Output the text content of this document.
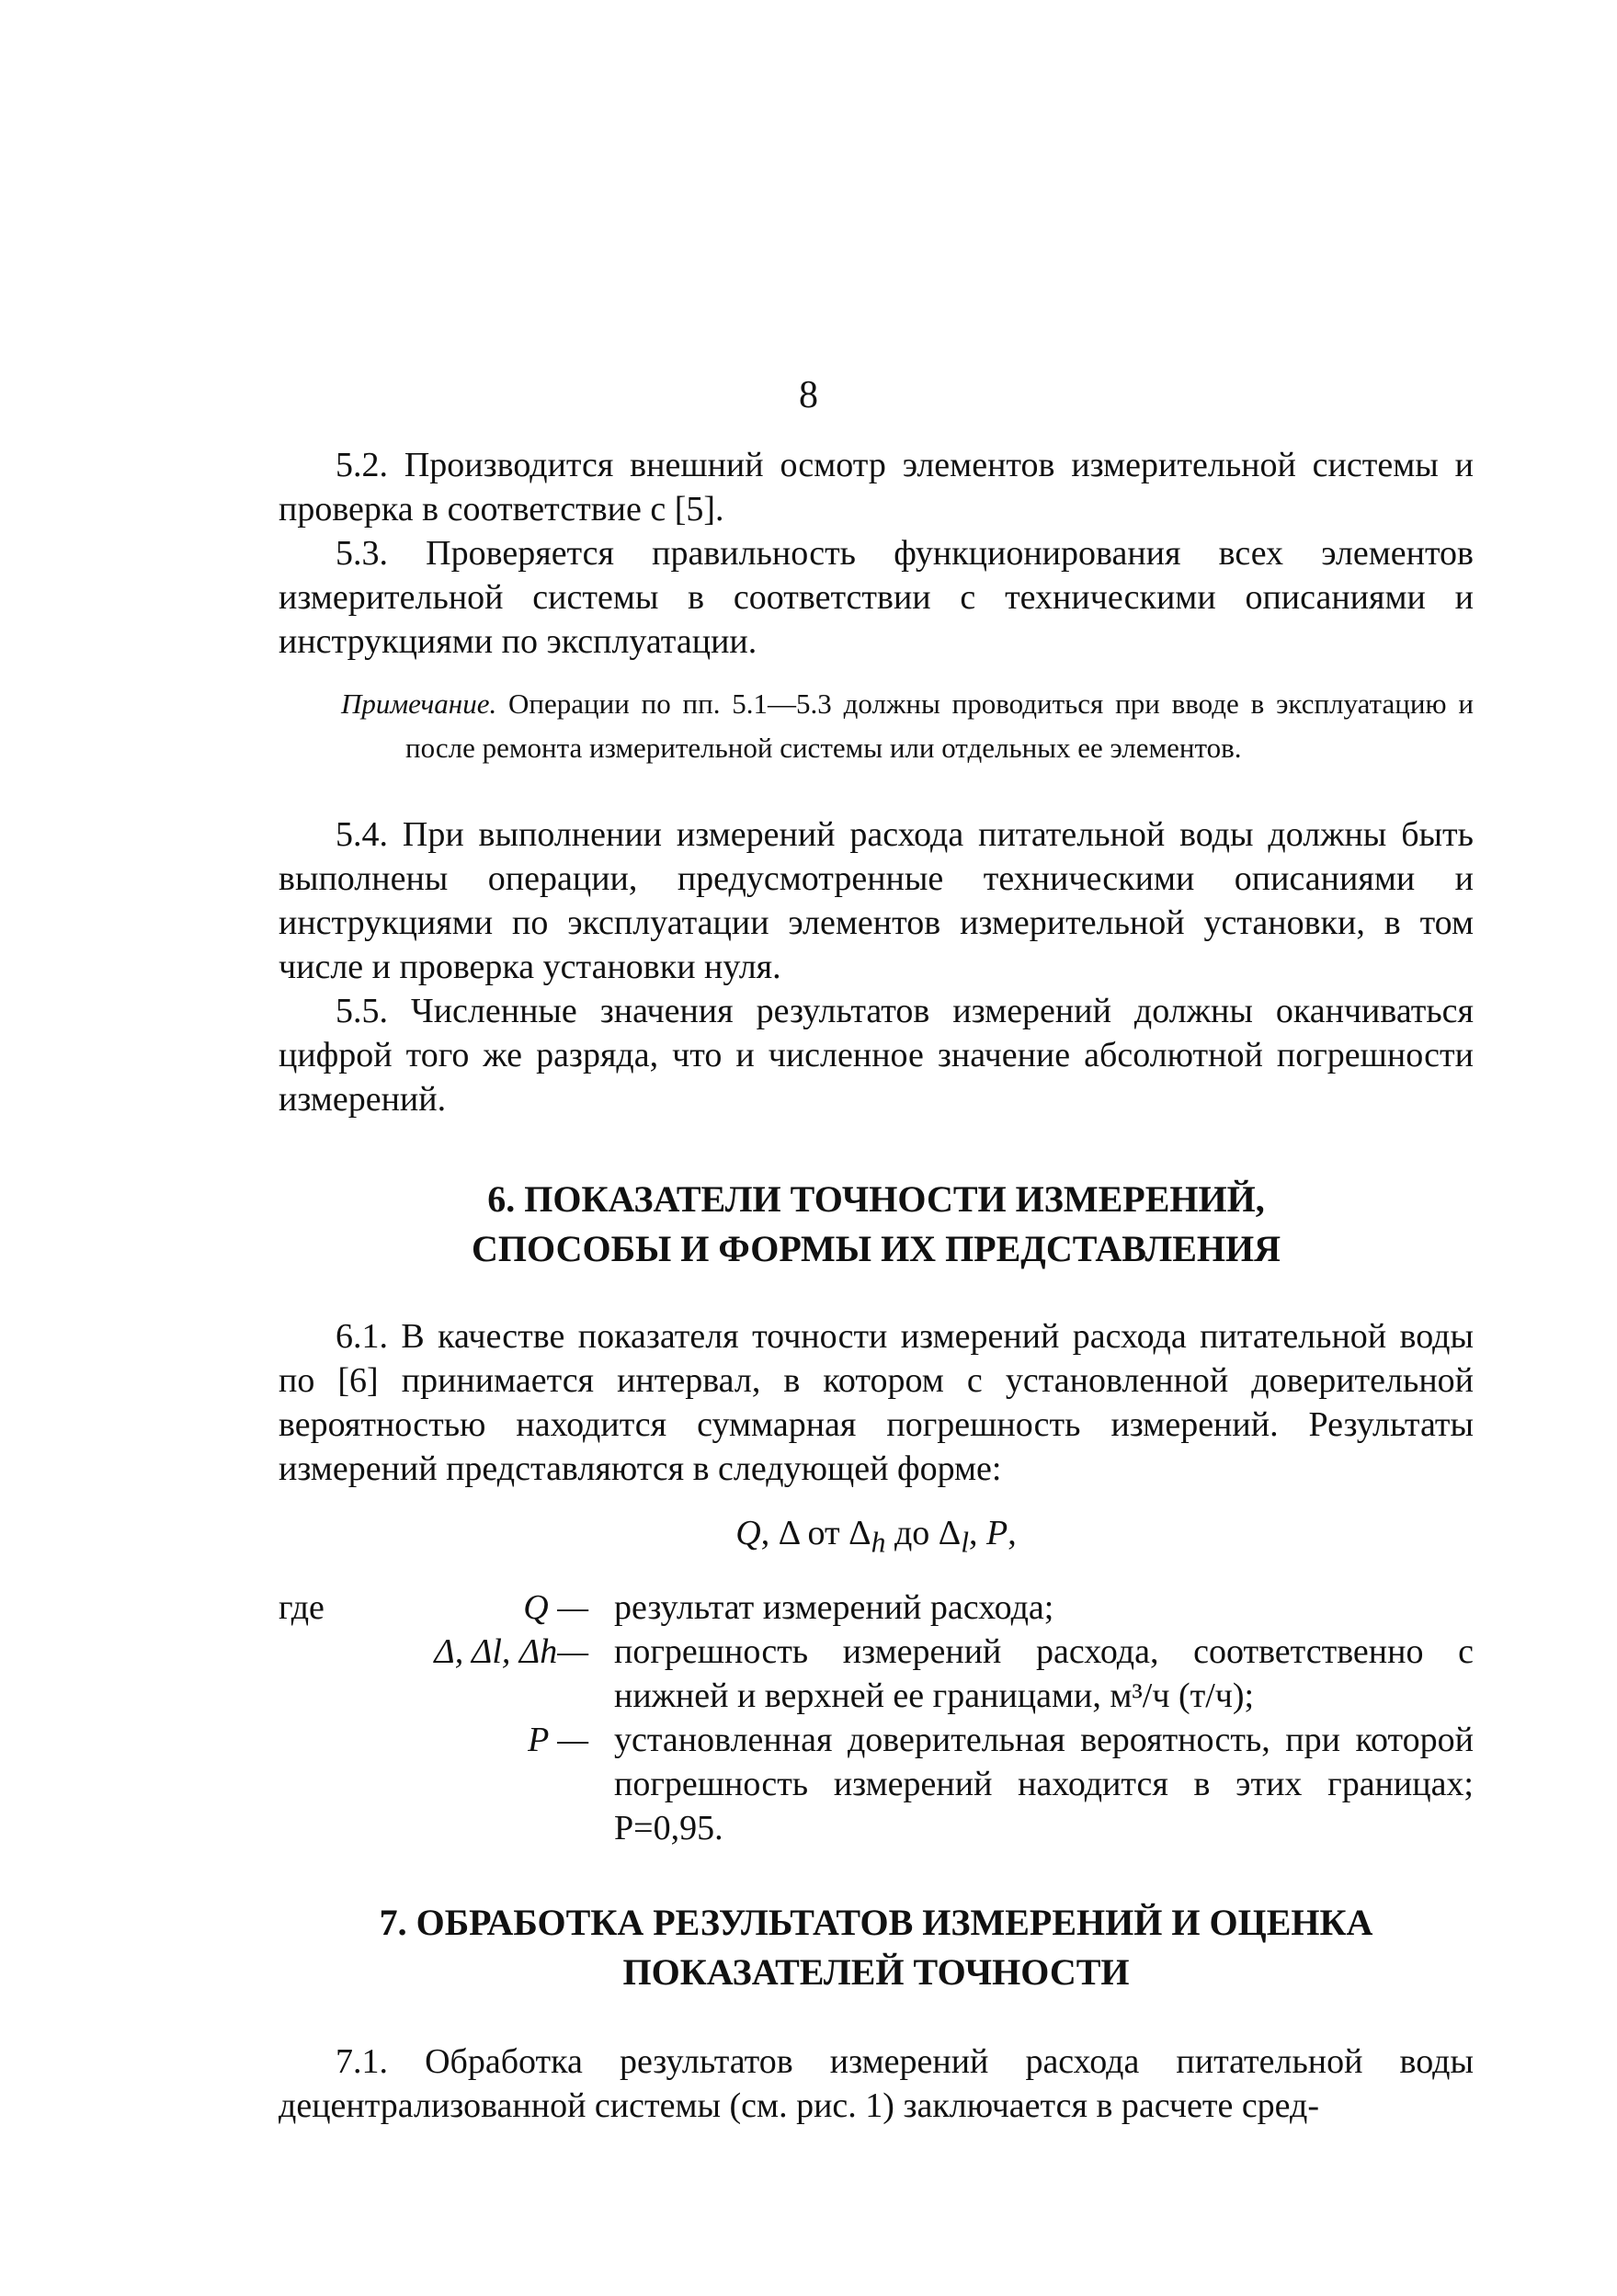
8

5.2. Производится внешний осмотр элементов измерительной системы и проверка в соответствие с [5].

5.3. Проверяется правильность функционирования всех элементов измерительной системы в соответствии с техническими описаниями и инструкциями по эксплуатации.

Примечание. Операции по пп. 5.1—5.3 должны проводиться при вводе в эксплуатацию и после ремонта измерительной системы или отдельных ее элементов.

5.4. При выполнении измерений расхода питательной воды должны быть выполнены операции, предусмотренные техническими описаниями и инструкциями по эксплуатации элементов измерительной установки, в том числе и проверка установки нуля.

5.5. Численные значения результатов измерений должны оканчиваться цифрой того же разряда, что и численное значение абсолютной погрешности измерений.

6. ПОКАЗАТЕЛИ ТОЧНОСТИ ИЗМЕРЕНИЙ,
СПОСОБЫ И ФОРМЫ ИХ ПРЕДСТАВЛЕНИЯ

6.1. В качестве показателя точности измерений расхода питательной воды по [6] принимается интервал, в котором с установленной доверительной вероятностью находится суммарная погрешность измерений. Результаты измерений представляются в следующей форме:

Q, Δ от $\Delta_h$ до $\Delta_l$, P,
где	Q —	результат измерений расхода;
	Δ, Δl, Δh—	погрешность измерений расхода, соответственно с нижней и верхней ее границами, м³/ч (т/ч);
	P —	установленная доверительная вероятность, при которой погрешность измерений находится в этих границах; P=0,95.
7. ОБРАБОТКА РЕЗУЛЬТАТОВ ИЗМЕРЕНИЙ И ОЦЕНКА
ПОКАЗАТЕЛЕЙ ТОЧНОСТИ

7.1. Обработка результатов измерений расхода питательной воды децентрализованной системы (см. рис. 1) заключается в расчете сред-
